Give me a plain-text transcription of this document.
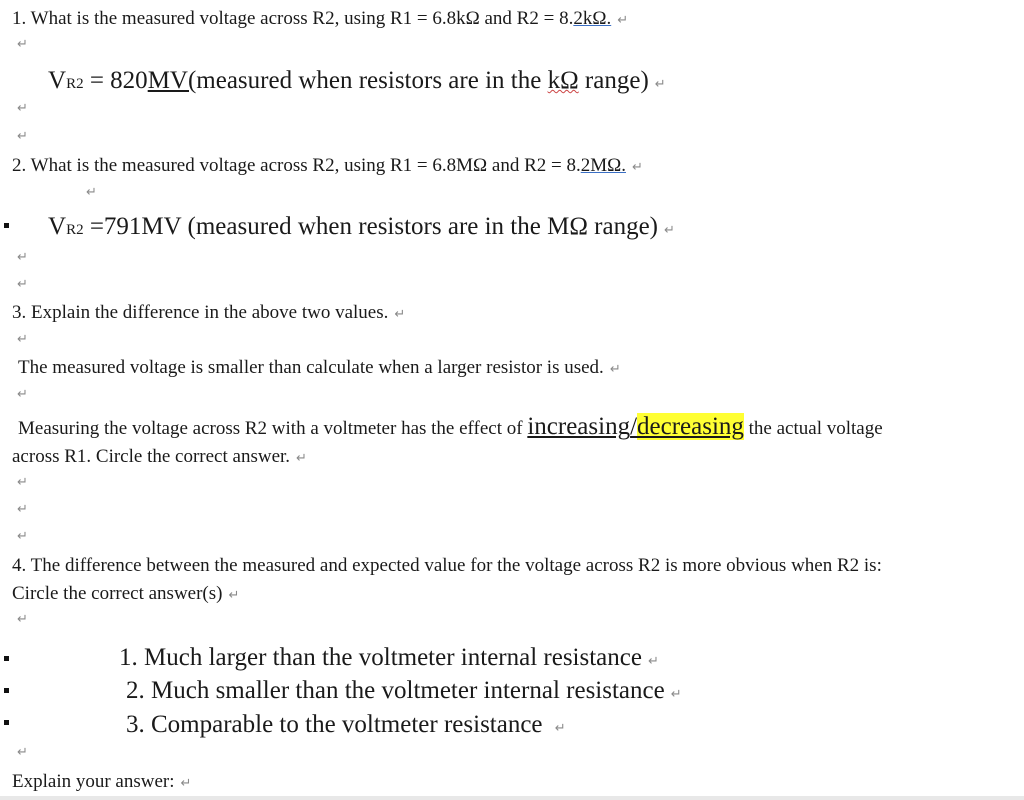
1. What is the measured voltage across R2, using R1 = 6.8kΩ and R2 = 8.2kΩ. ↵
↵
VR2 = 820MV(measured when resistors are in the kΩ range) ↵
↵
↵
2. What is the measured voltage across R2, using R1 = 6.8MΩ and R2 = 8.2MΩ. ↵
↵
VR2 =791MV (measured when resistors are in the MΩ range) ↵
↵
↵
3. Explain the difference in the above two values. ↵
↵
The measured voltage is smaller than calculate when a larger resistor is used. ↵
↵
Measuring the voltage across R2 with a voltmeter has the effect of increasing/decreasing the actual voltage
across R1. Circle the correct answer. ↵
↵
↵
↵
4. The difference between the measured and expected value for the voltage across R2 is more obvious when R2 is:
Circle the correct answer(s) ↵
↵
1. Much larger than the voltmeter internal resistance ↵
2. Much smaller than the voltmeter internal resistance ↵
3. Comparable to the voltmeter resistance ↵
↵
Explain your answer: ↵
